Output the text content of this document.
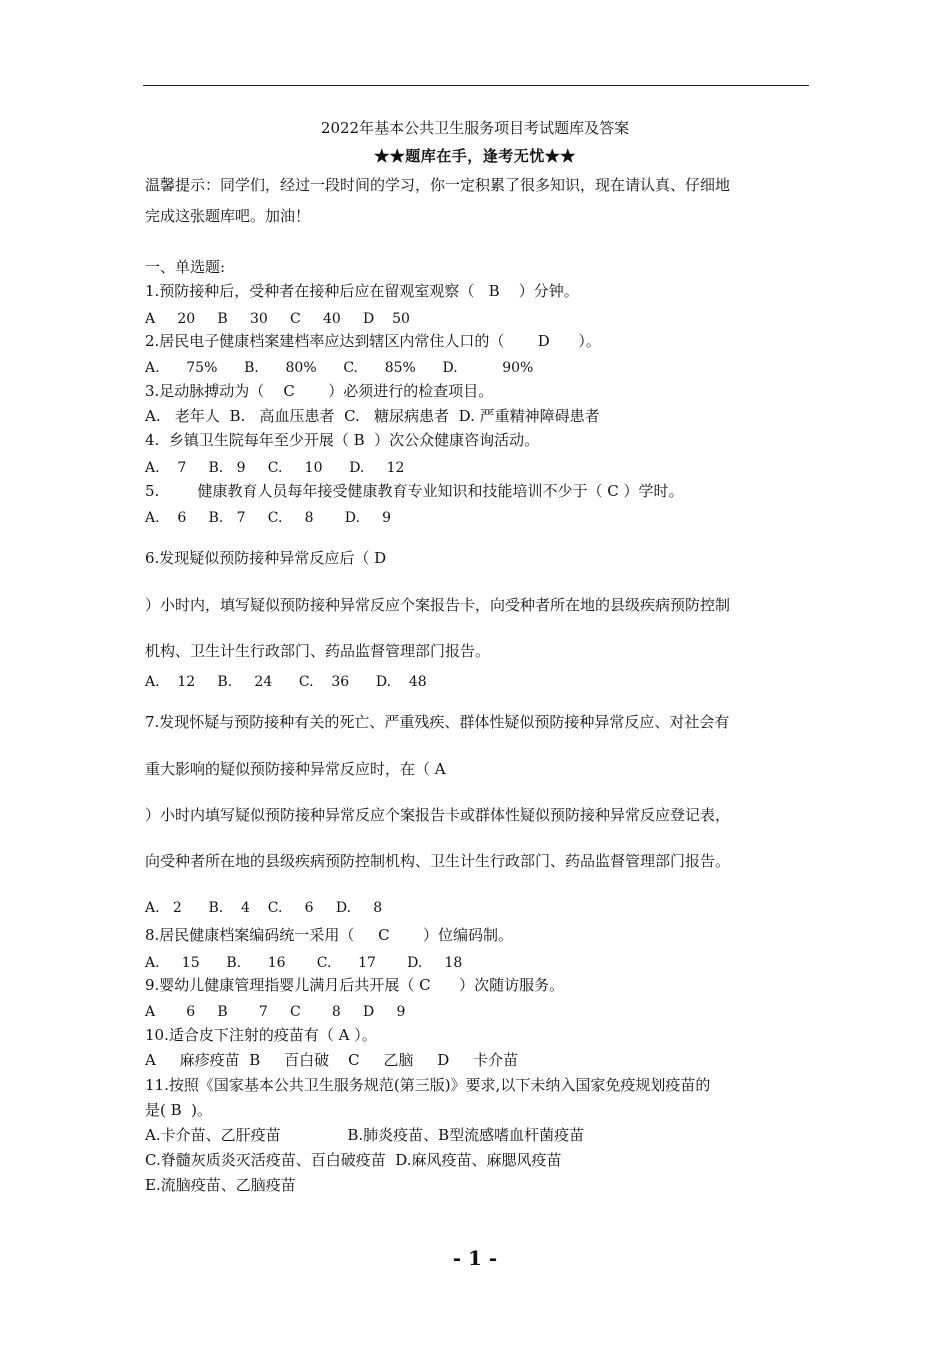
2022年基本公共卫生服务项目考试题库及答案
★★题库在手，逢考无忧★★
温馨提示：同学们，经过一段时间的学习，你一定积累了很多知识，现在请认真、仔细地
完成这张题库吧。加油！
一、单选题:
1.预防接种后，受种者在接种后应在留观室观察（   B    ）分钟。
A     20     B     30     C     40     D    50
2.居民电子健康档案建档率应达到辖区内常住人口的（       D      ）。
A.      75%      B.      80%      C.      85%      D.          90%
3.足动脉搏动为（    C       ）必须进行的检查项目。
A.   老年人  B.   高血压患者  C.   糖尿病患者  D. 严重精神障碍患者
4.  乡镇卫生院每年至少开展（ B  ）次公众健康咨询活动。
A.    7     B.   9     C.     10      D.     12
5.        健康教育人员每年接受健康教育专业知识和技能培训不少于（ C ）学时。
A.    6     B.   7     C.     8       D.     9
6.发现疑似预防接种异常反应后（ D
）小时内，填写疑似预防接种异常反应个案报告卡，向受种者所在地的县级疾病预防控制
机构、卫生计生行政部门、药品监督管理部门报告。
A.    12     B.     24      C.    36      D.    48
7.发现怀疑与预防接种有关的死亡、严重残疾、群体性疑似预防接种异常反应、对社会有
重大影响的疑似预防接种异常反应时，在（ A
）小时内填写疑似预防接种异常反应个案报告卡或群体性疑似预防接种异常反应登记表，
向受种者所在地的县级疾病预防控制机构、卫生计生行政部门、药品监督管理部门报告。
A.   2      B.    4    C.     6     D.     8
8.居民健康档案编码统一采用（     C       ）位编码制。
A.     15      B.      16       C.      17       D.     18
9.婴幼儿健康管理指婴儿满月后共开展（ C      ）次随访服务。
A       6     B       7     C       8     D     9
10.适合皮下注射的疫苗有（ A ）。
A     麻疹疫苗  B     百白破    C     乙脑     D     卡介苗
11.按照《国家基本公共卫生服务规范(第三版)》要求,以下未纳入国家免疫规划疫苗的
是( B  )。
A.卡介苗、乙肝疫苗              B.肺炎疫苗、B型流感嗜血杆菌疫苗
C.脊髓灰质炎灭活疫苗、百白破疫苗  D.麻风疫苗、麻腮风疫苗
E.流脑疫苗、乙脑疫苗
- 1 -
